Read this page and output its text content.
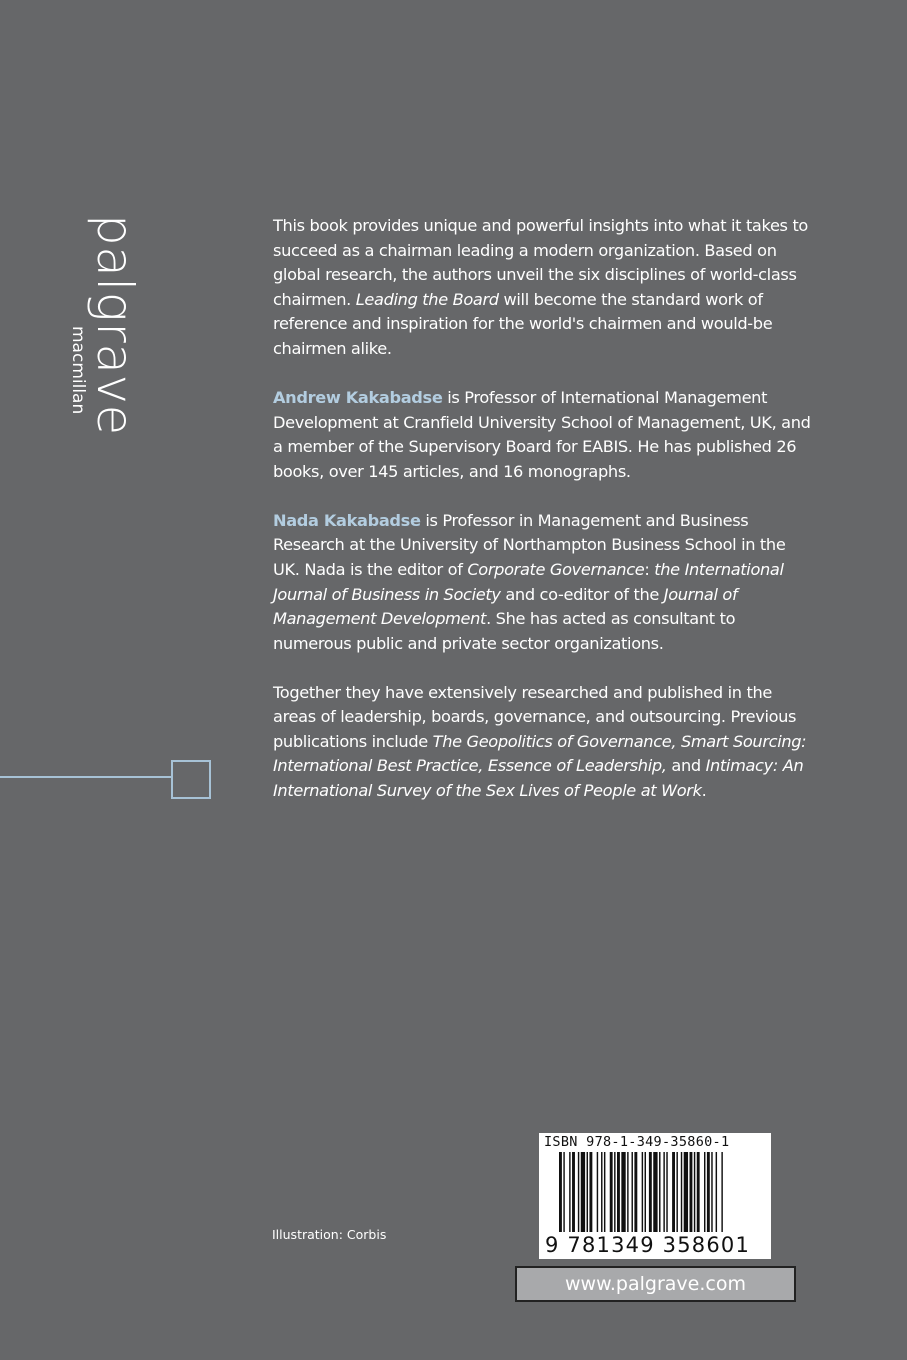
palgrave
macmillan

This book provides unique and powerful insights into what it takes to succeed as a chairman leading a modern organization. Based on global research, the authors unveil the six disciplines of world-class chairmen. Leading the Board will become the standard work of reference and inspiration for the world's chairmen and would-be chairmen alike.

Andrew Kakabadse is Professor of International Management Development at Cranfield University School of Management, UK, and a member of the Supervisory Board for EABIS. He has published 26 books, over 145 articles, and 16 monographs.

Nada Kakabadse is Professor in Management and Business Research at the University of Northampton Business School in the UK. Nada is the editor of Corporate Governance: the International Journal of Business in Society and co-editor of the Journal of Management Development. She has acted as consultant to numerous public and private sector organizations.

Together they have extensively researched and published in the areas of leadership, boards, governance, and outsourcing. Previous publications include The Geopolitics of Governance, Smart Sourcing: International Best Practice, Essence of Leadership, and Intimacy: An International Survey of the Sex Lives of People at Work.

Illustration: Corbis
ISBN 978-1-349-35860-1
9 781349 358601
www.palgrave.com
